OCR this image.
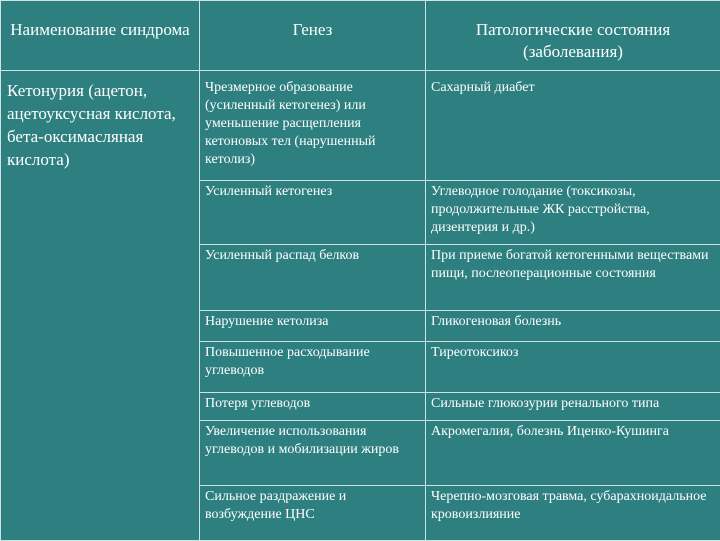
Наименование синдрома	Генез	Патологические состояния (заболевания)
Кетонурия (ацетон, ацетоуксусная кислота, бета-оксимасляная кислота)	Чрезмерное образование (усиленный кетогенез) или уменьшение расщепления кетоновых тел (нарушенный кетолиз)	Сахарный диабет
	Усиленный кетогенез	Углеводное голодание (токсикозы, продолжительные ЖК расстройства, дизентерия и др.)
	Усиленный распад белков	При приеме богатой кетогенными веществами пищи, послеоперационные состояния
	Нарушение кетолиза	Гликогеновая болезнь
	Повышенное расходывание углеводов	Тиреотоксикоз
	Потеря углеводов	Сильные глюкозурии ренального типа
	Увеличение использования углеводов и мобилизации жиров	Акромегалия, болезнь Иценко-Кушинга
	Сильное раздражение и возбуждение ЦНС	Черепно-мозговая травма, субарахноидальное кровоизлияние
